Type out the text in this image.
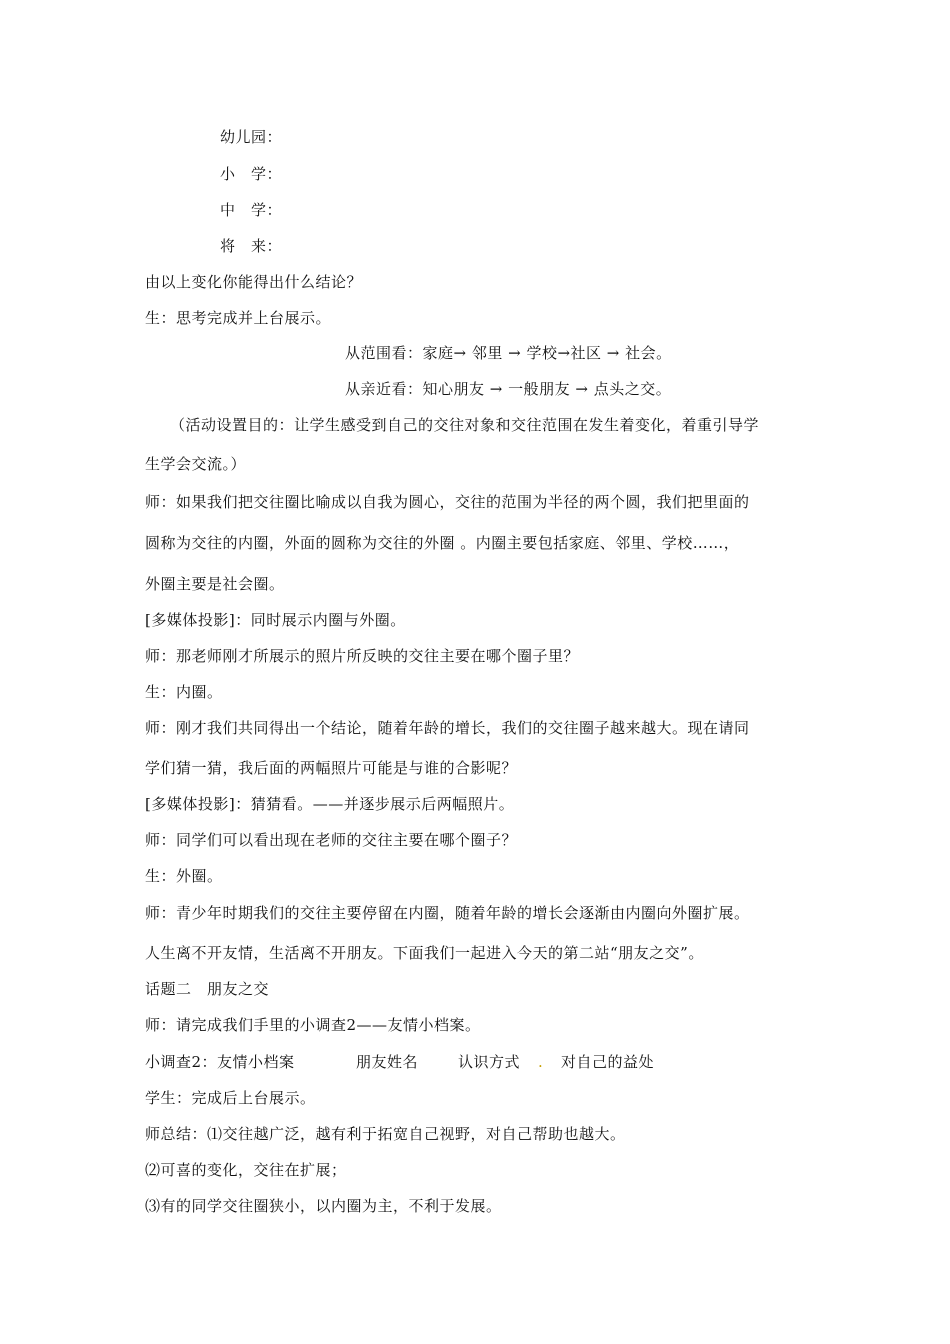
幼儿园：
小　学：
中　学：
将　来：
由以上变化你能得出什么结论？
生：思考完成并上台展示。
从范围看：家庭→ 邻里 → 学校→社区 → 社会。
从亲近看：知心朋友 → 一般朋友 → 点头之交。
（活动设置目的：让学生感受到自己的交往对象和交往范围在发生着变化，着重引导学
生学会交流。）
师：如果我们把交往圈比喻成以自我为圆心，交往的范围为半径的两个圆，我们把里面的
圆称为交往的内圈，外面的圆称为交往的外圈 。内圈主要包括家庭、邻里、学校……，
外圈主要是社会圈。
[多媒体投影]：同时展示内圈与外圈。
师：那老师刚才所展示的照片所反映的交往主要在哪个圈子里？
生：内圈。
师：刚才我们共同得出一个结论，随着年龄的增长，我们的交往圈子越来越大。现在请同
学们猜一猜，我后面的两幅照片可能是与谁的合影呢？
[多媒体投影]：猜猜看。——并逐步展示后两幅照片。
师：同学们可以看出现在老师的交往主要在哪个圈子？
生：外圈。
师：青少年时期我们的交往主要停留在内圈，随着年龄的增长会逐渐由内圈向外圈扩展。
人生离不开友情，生活离不开朋友。下面我们一起进入今天的第二站“朋友之交”。
话题二　朋友之交
师：请完成我们手里的小调查2——友情小档案。
小调查2：友情小档案	朋友姓名	认识方式 . 对自己的益处
学生：完成后上台展示。
师总结：⑴交往越广泛，越有利于拓宽自己视野，对自己帮助也越大。
⑵可喜的变化，交往在扩展；
⑶有的同学交往圈狭小，以内圈为主，不利于发展。
